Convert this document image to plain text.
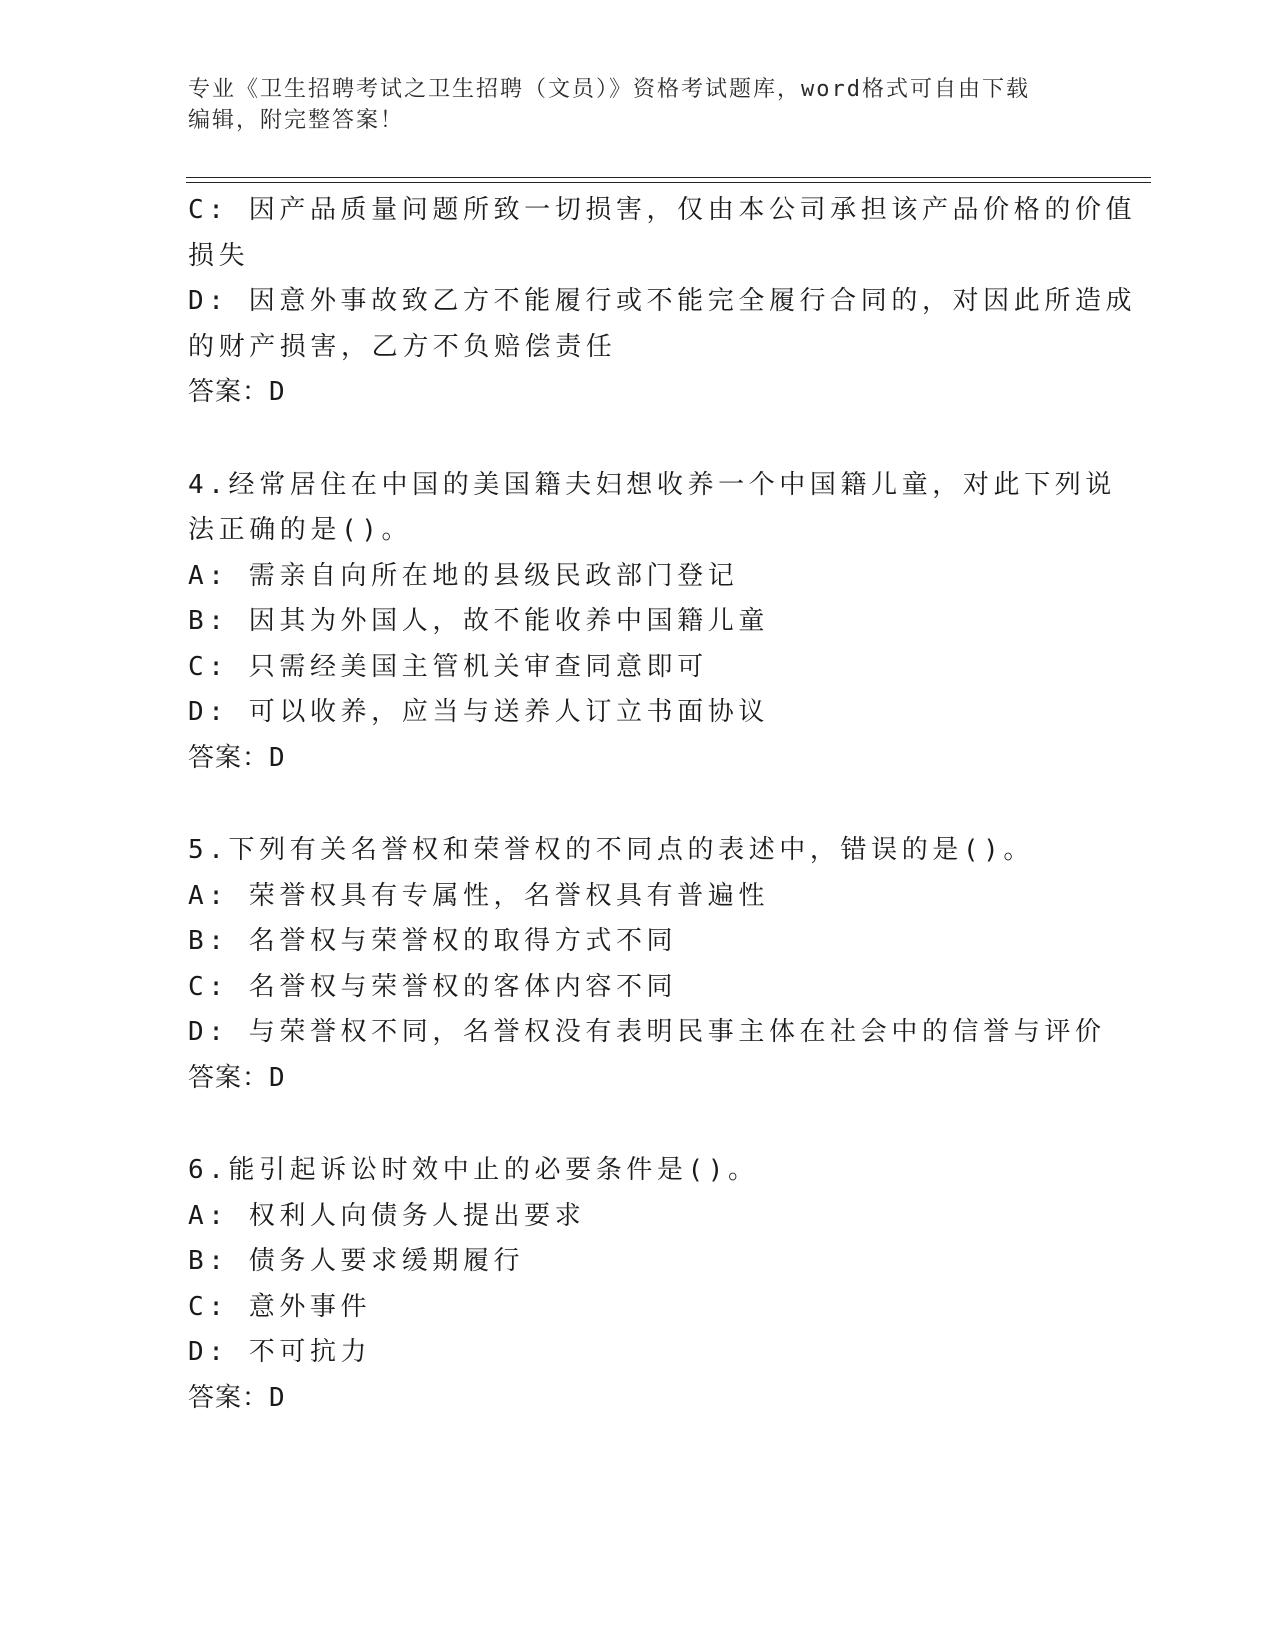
专业《卫生招聘考试之卫生招聘（文员）》资格考试题库，word格式可自由下载
编辑，附完整答案！
C: 因产品质量问题所致一切损害，仅由本公司承担该产品价格的价值
损失
D: 因意外事故致乙方不能履行或不能完全履行合同的，对因此所造成
的财产损害，乙方不负赔偿责任
答案：D
4.经常居住在中国的美国籍夫妇想收养一个中国籍儿童，对此下列说
法正确的是()。
A: 需亲自向所在地的县级民政部门登记
B: 因其为外国人，故不能收养中国籍儿童
C: 只需经美国主管机关审查同意即可
D: 可以收养，应当与送养人订立书面协议
答案：D
5.下列有关名誉权和荣誉权的不同点的表述中，错误的是()。
A: 荣誉权具有专属性，名誉权具有普遍性
B: 名誉权与荣誉权的取得方式不同
C: 名誉权与荣誉权的客体内容不同
D: 与荣誉权不同，名誉权没有表明民事主体在社会中的信誉与评价
答案：D
6.能引起诉讼时效中止的必要条件是()。
A: 权利人向债务人提出要求
B: 债务人要求缓期履行
C: 意外事件
D: 不可抗力
答案：D
